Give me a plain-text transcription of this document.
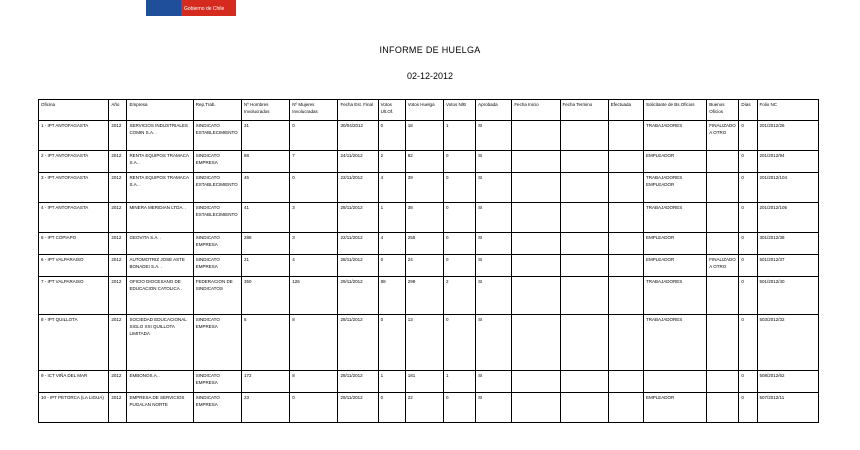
Gobierno de Chile
INFORME DE HUELGA
02-12-2012
Oficina	Año	Empresa	Rep.Trab.	Nº Hombres Involucrados	Nº Mujeres Involucradas	Fecha Est. Final	Votos Ult.Of.	Votos Huelga	Votos N/B	Aprobada	Fecha Inicio	Fecha Termino	Efectuada	Solicitante de Bs.Oficios	Buenos Oficios	Días	Folio NC
1 - IPT ANTOFAGASTA	2012	SERVICIOS INDUSTRIALES COMIN S.A. .	SINDICATO ESTABLECIMIENTO	31	0	30/04/2012	0	18	1	SI				TRABAJADORES	FINALIZADO A OTRO	0	201/2012/26
2 - IPT ANTOFAGASTA	2012	RENTA EQUIPOS TRAMACA S.A. .	SINDICATO EMPRESA	88	7	24/11/2012	2	82	0	SI				EMPLEADOR		0	201/2012/94
3 - IPT ANTOFAGASTA	2012	RENTA EQUIPOS TRAMACA S.A. .	SINDICATO ESTABLECIMIENTO	45	0	22/11/2012	4	39	0	SI				TRABAJADORES EMPLEADOR		0	201/2012/104
4 - IPT ANTOFAGASTA	2012	MINERA MERIDIAN LTDA. .	SINDICATO ESTABLECIMIENTO	41	3	28/11/2012	1	38	0	SI				TRABAJADORES		0	201/2012/105
5 - IPT COPIAPO	2012	GEOVITA S.A. .	SINDICATO EMPRESA	288	3	22/11/2012	4	255	0	SI				EMPLEADOR		0	301/2012/38
6 - IPT VALPARAISO	2012	AUTOMOTRIZ JOSE ASTE BONADEI S.A. .	SINDICATO EMPRESA	21	4	28/11/2012	0	24	0	SI				EMPLEADOR	FINALIZADO A OTRO	0	501/2012/37
7 - IPT VALPARAISO	2012	OFICIO DIOCESANO DE EDUCACION CATOLICA .	FEDERACION DE SINDICATOS	350	126	29/11/2012	88	299	2	SI				TRABAJADORES		0	501/2012/40
8 - IPT QUILLOTA	2012	SOCIEDAD EDUCACIONAL SIGLO XXI QUILLOTA LIMITADA	SINDICATO EMPRESA	5	8	28/11/2012	0	13	0	SI				TRABAJADORES		0	503/2012/32
9 - ICT VIÑA DEL MAR	2012	EMBONOS.A. .	SINDICATO EMPRESA	172	8	28/11/2012	1	181	1	SI						0	508/2012/62
10 - IPT PETORCA (LA LIGUA)	2012	EMPRESA DE SERVICIOS PUGALAN NORTE	SINDICATO EMPRESA	23	0	29/11/2012	0	22	0	SI				EMPLEADOR		0	507/2012/11
